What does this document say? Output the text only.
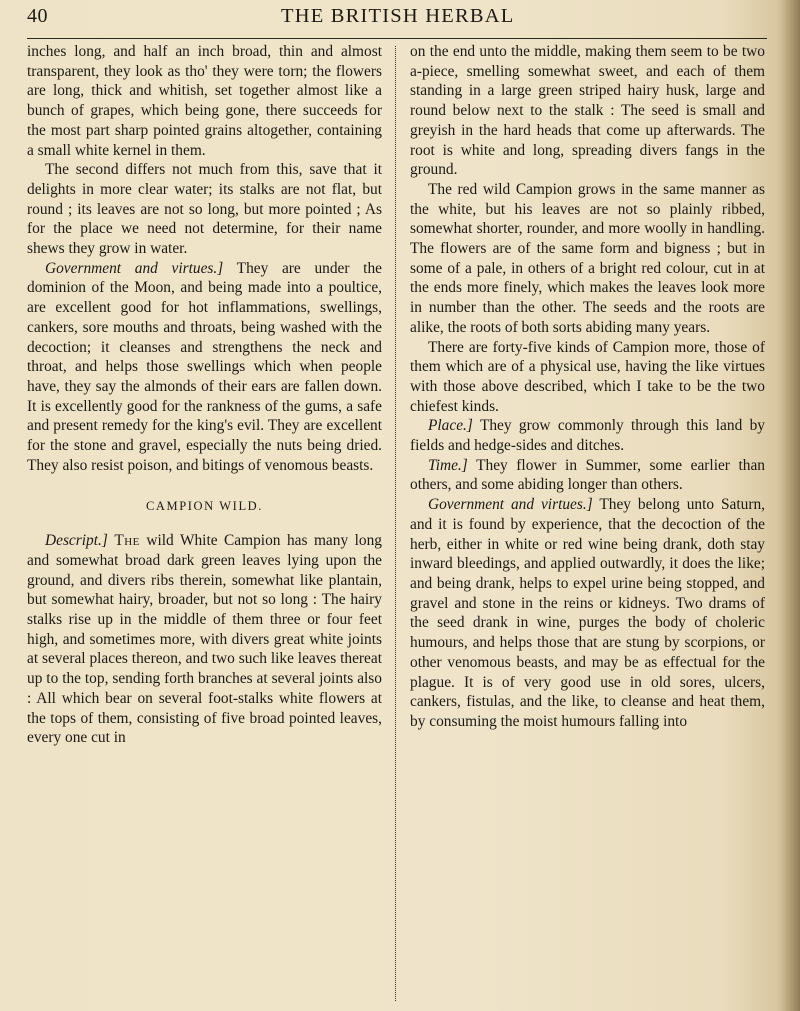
40	THE BRITISH HERBAL

inches long, and half an inch broad, thin and almost transparent, they look as tho' they were torn; the flowers are long, thick and whitish, set together almost like a bunch of grapes, which being gone, there succeeds for the most part sharp pointed grains altogether, containing a small white kernel in them.

The second differs not much from this, save that it delights in more clear water; its stalks are not flat, but round ; its leaves are not so long, but more pointed ; As for the place we need not determine, for their name shews they grow in water.

Government and virtues.] They are under the dominion of the Moon, and being made into a poultice, are excellent good for hot inflammations, swellings, cankers, sore mouths and throats, being washed with the decoction; it cleanses and strengthens the neck and throat, and helps those swellings which when people have, they say the almonds of their ears are fallen down. It is excellently good for the rankness of the gums, a safe and present remedy for the king's evil. They are excellent for the stone and gravel, especially the nuts being dried. They also resist poison, and bitings of venomous beasts.

CAMPION WILD.

Descript.] The wild White Campion has many long and somewhat broad dark green leaves lying upon the ground, and divers ribs therein, somewhat like plantain, but somewhat hairy, broader, but not so long : The hairy stalks rise up in the middle of them three or four feet high, and sometimes more, with divers great white joints at several places thereon, and two such like leaves thereat up to the top, sending forth branches at several joints also : All which bear on several foot-stalks white flowers at the tops of them, consisting of five broad pointed leaves, every one cut in

on the end unto the middle, making them seem to be two a-piece, smelling somewhat sweet, and each of them standing in a large green striped hairy husk, large and round below next to the stalk : The seed is small and greyish in the hard heads that come up afterwards. The root is white and long, spreading divers fangs in the ground.

The red wild Campion grows in the same manner as the white, but his leaves are not so plainly ribbed, somewhat shorter, rounder, and more woolly in handling. The flowers are of the same form and bigness ; but in some of a pale, in others of a bright red colour, cut in at the ends more finely, which makes the leaves look more in number than the other. The seeds and the roots are alike, the roots of both sorts abiding many years.

There are forty-five kinds of Campion more, those of them which are of a physical use, having the like virtues with those above described, which I take to be the two chiefest kinds.

Place.] They grow commonly through this land by fields and hedge-sides and ditches.

Time.] They flower in Summer, some earlier than others, and some abiding longer than others.

Government and virtues.] They belong unto Saturn, and it is found by experience, that the decoction of the herb, either in white or red wine being drank, doth stay inward bleedings, and applied outwardly, it does the like; and being drank, helps to expel urine being stopped, and gravel and stone in the reins or kidneys. Two drams of the seed drank in wine, purges the body of choleric humours, and helps those that are stung by scorpions, or other venomous beasts, and may be as effectual for the plague. It is of very good use in old sores, ulcers, cankers, fistulas, and the like, to cleanse and heat them, by consuming the moist humours falling into
